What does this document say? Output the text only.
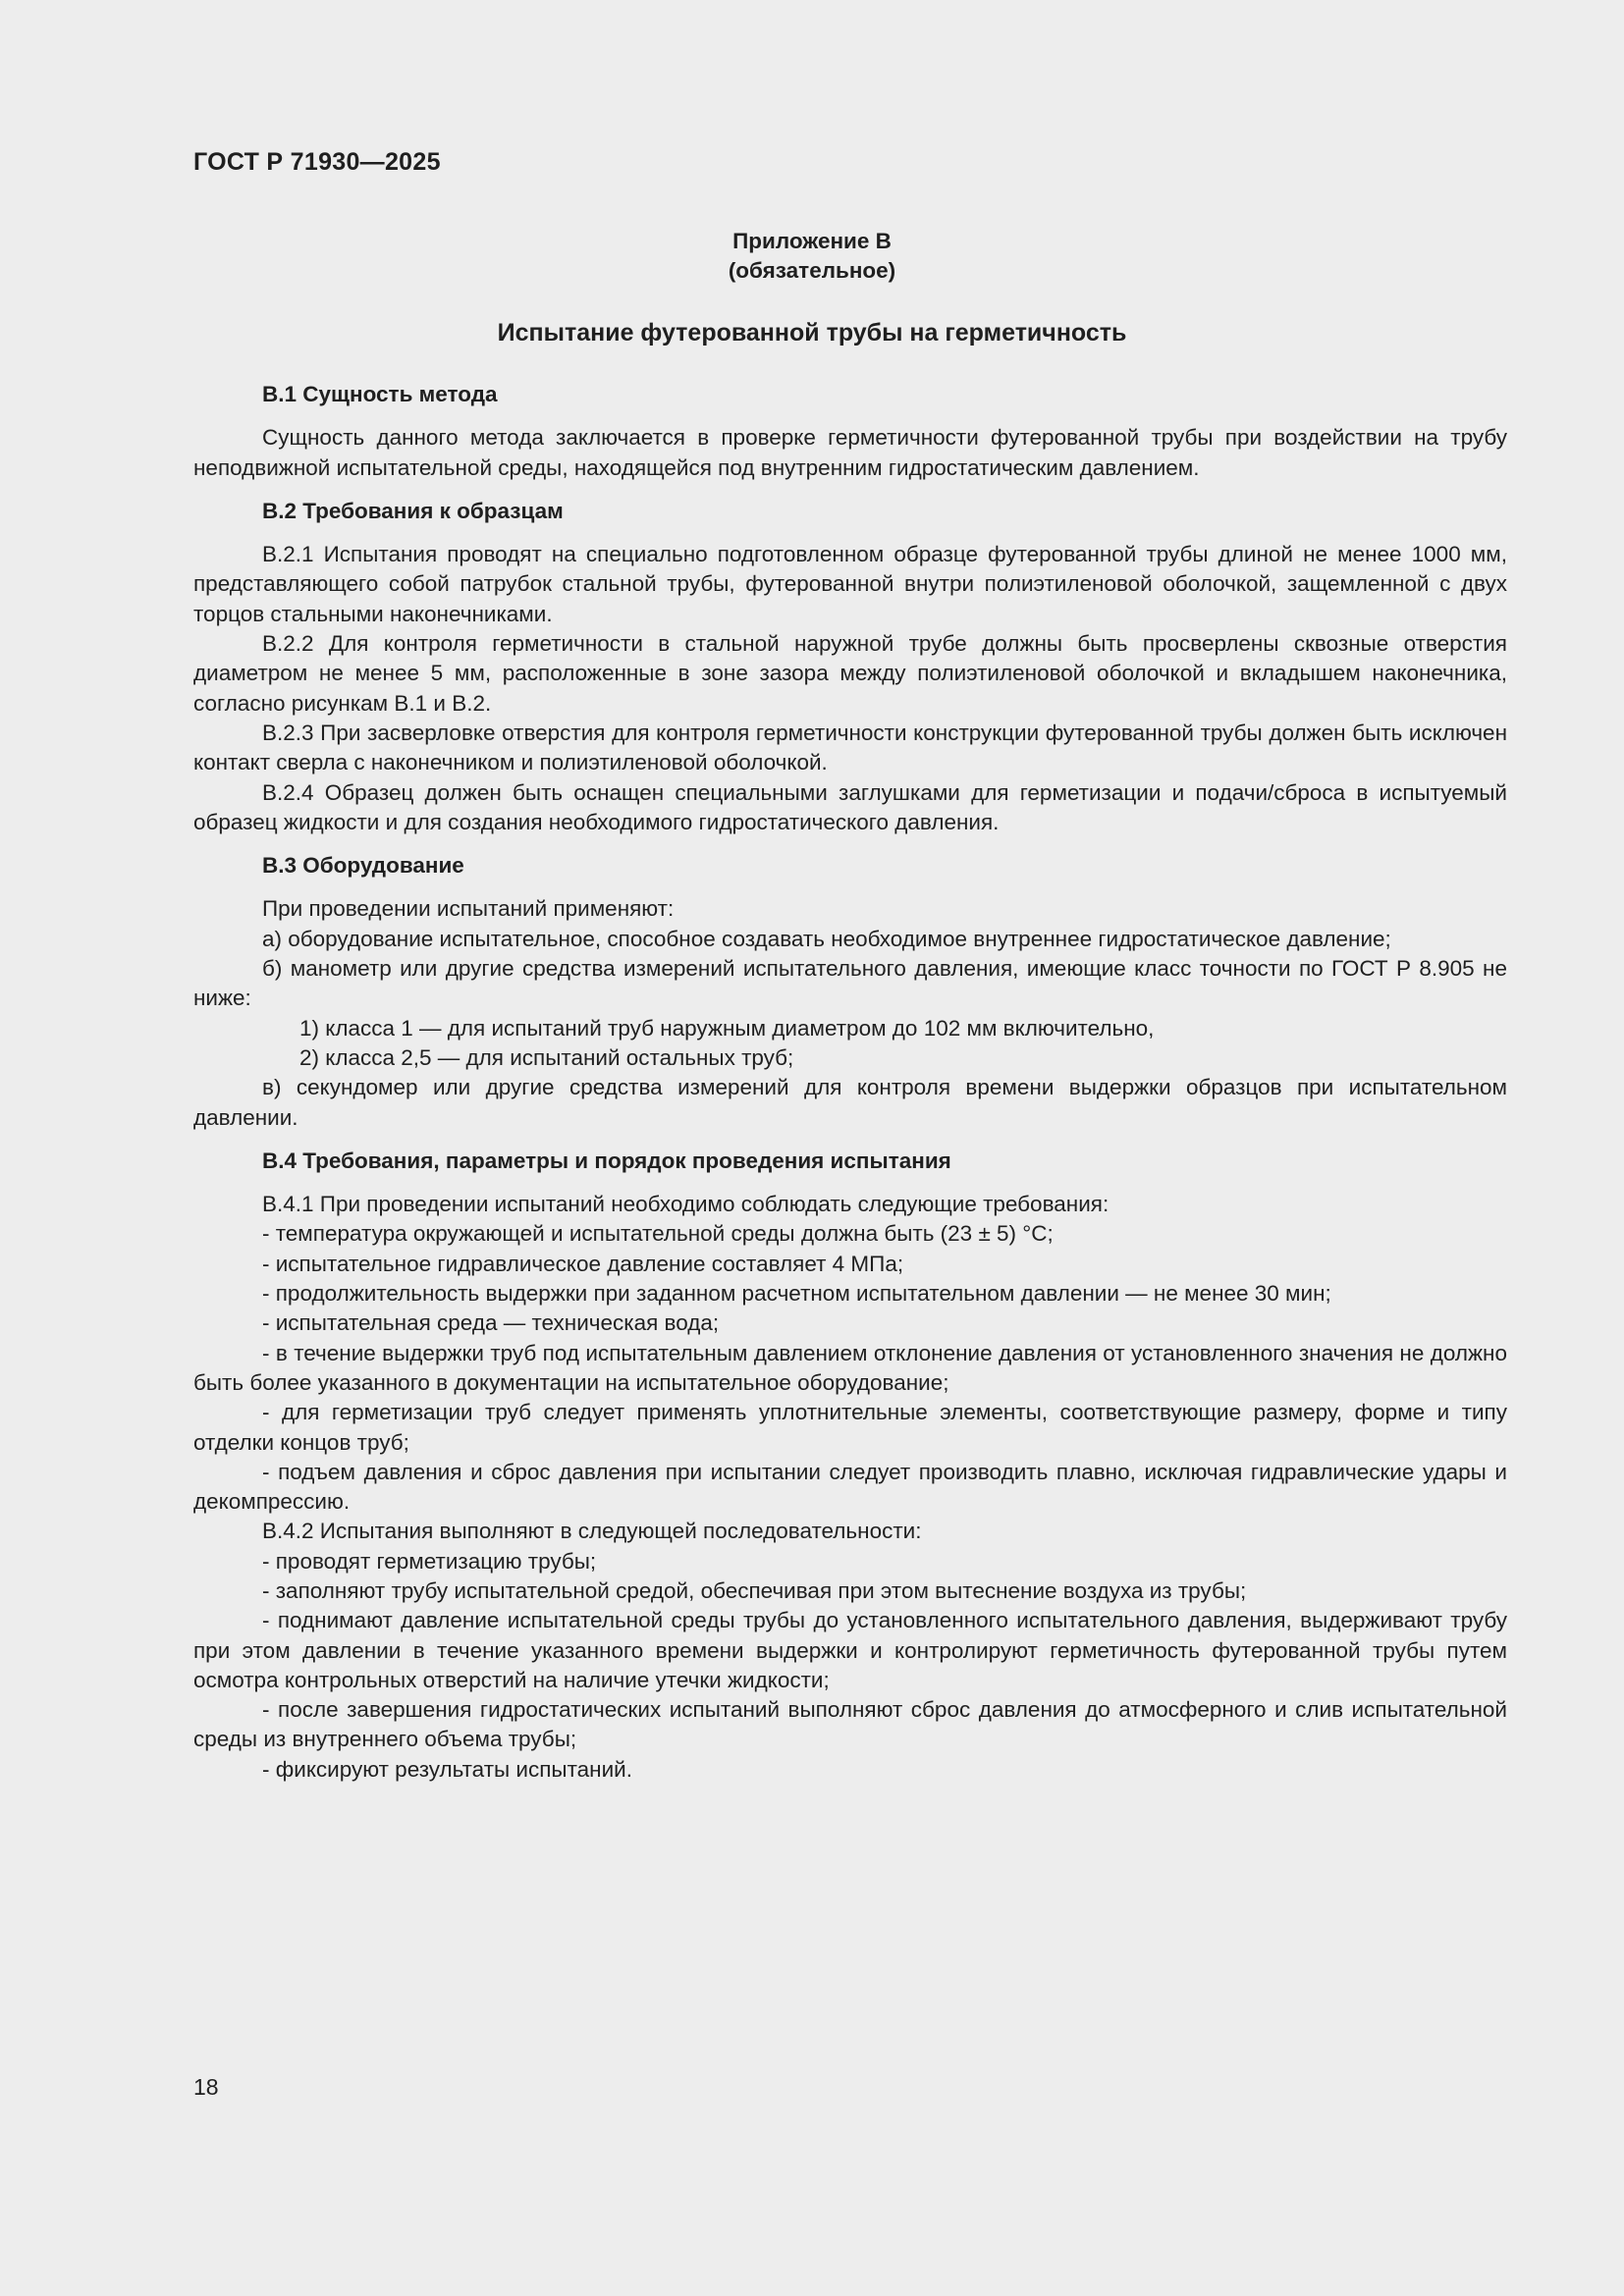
ГОСТ Р 71930—2025
Приложение В
(обязательное)
Испытание футерованной трубы на герметичность
В.1 Сущность метода

Сущность данного метода заключается в проверке герметичности футерованной трубы при воздействии на трубу неподвижной испытательной среды, находящейся под внутренним гидростатическим давлением.

В.2 Требования к образцам

В.2.1 Испытания проводят на специально подготовленном образце футерованной трубы длиной не менее 1000 мм, представляющего собой патрубок стальной трубы, футерованной внутри полиэтиленовой оболочкой, защемленной с двух торцов стальными наконечниками.

В.2.2 Для контроля герметичности в стальной наружной трубе должны быть просверлены сквозные отверстия диаметром не менее 5 мм, расположенные в зоне зазора между полиэтиленовой оболочкой и вкладышем наконечника, согласно рисункам В.1 и В.2.

В.2.3 При засверловке отверстия для контроля герметичности конструкции футерованной трубы должен быть исключен контакт сверла с наконечником и полиэтиленовой оболочкой.

В.2.4 Образец должен быть оснащен специальными заглушками для герметизации и подачи/сброса в испытуемый образец жидкости и для создания необходимого гидростатического давления.

В.3 Оборудование

При проведении испытаний применяют:

а) оборудование испытательное, способное создавать необходимое внутреннее гидростатическое давление;

б) манометр или другие средства измерений испытательного давления, имеющие класс точности по ГОСТ Р 8.905 не ниже:

1) класса 1 — для испытаний труб наружным диаметром до 102 мм включительно,

2) класса 2,5 — для испытаний остальных труб;

в) секундомер или другие средства измерений для контроля времени выдержки образцов при испытательном давлении.

В.4 Требования, параметры и порядок проведения испытания

В.4.1 При проведении испытаний необходимо соблюдать следующие требования:

- температура окружающей и испытательной среды должна быть (23 ± 5) °С;

- испытательное гидравлическое давление составляет 4 МПа;

- продолжительность выдержки при заданном расчетном испытательном давлении — не менее 30 мин;

- испытательная среда — техническая вода;

- в течение выдержки труб под испытательным давлением отклонение давления от установленного значения не должно быть более указанного в документации на испытательное оборудование;

- для герметизации труб следует применять уплотнительные элементы, соответствующие размеру, форме и типу отделки концов труб;

- подъем давления и сброс давления при испытании следует производить плавно, исключая гидравлические удары и декомпрессию.

В.4.2 Испытания выполняют в следующей последовательности:

- проводят герметизацию трубы;

- заполняют трубу испытательной средой, обеспечивая при этом вытеснение воздуха из трубы;

- поднимают давление испытательной среды трубы до установленного испытательного давления, выдерживают трубу при этом давлении в течение указанного времени выдержки и контролируют герметичность футерованной трубы путем осмотра контрольных отверстий на наличие утечки жидкости;

- после завершения гидростатических испытаний выполняют сброс давления до атмосферного и слив испытательной среды из внутреннего объема трубы;

- фиксируют результаты испытаний.

18
